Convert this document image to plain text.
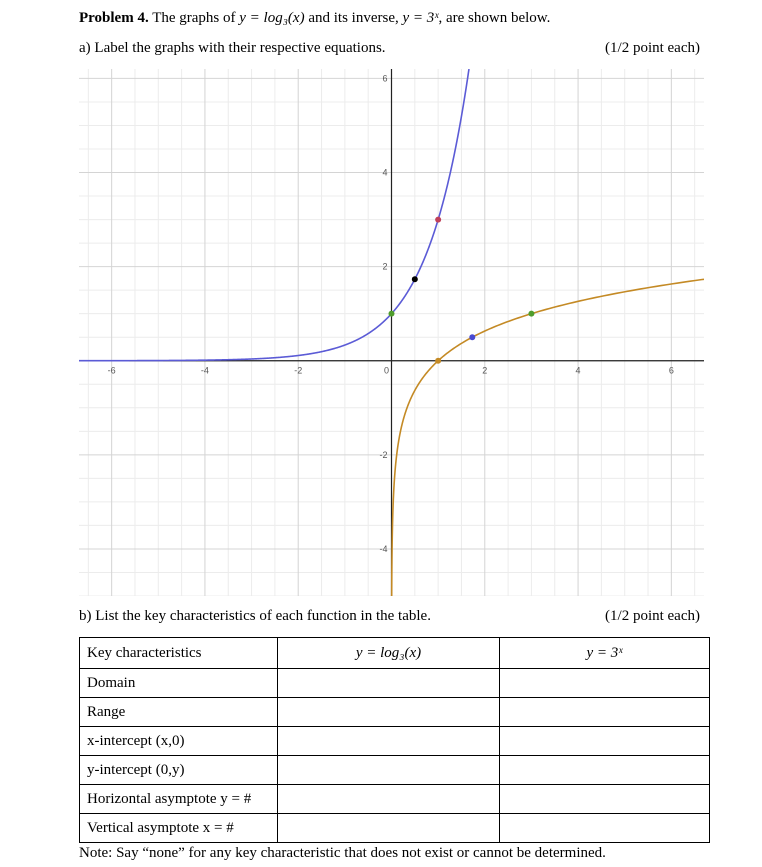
Problem 4. The graphs of y = log₃(x) and its inverse, y = 3ˣ, are shown below.
a) Label the graphs with their respective equations.	(1/2 point each)
-6	-4	-2	0	2	4	6
6
4
2
-2
-4
b) List the key characteristics of each function in the table.	(1/2 point each)
Key characteristics	y = log₃(x)	y = 3ˣ
Domain		
Range		
x-intercept (x,0)		
y-intercept (0,y)		
Horizontal asymptote y = #		
Vertical asymptote x = #		
Note: Say “none” for any key characteristic that does not exist or cannot be determined.
